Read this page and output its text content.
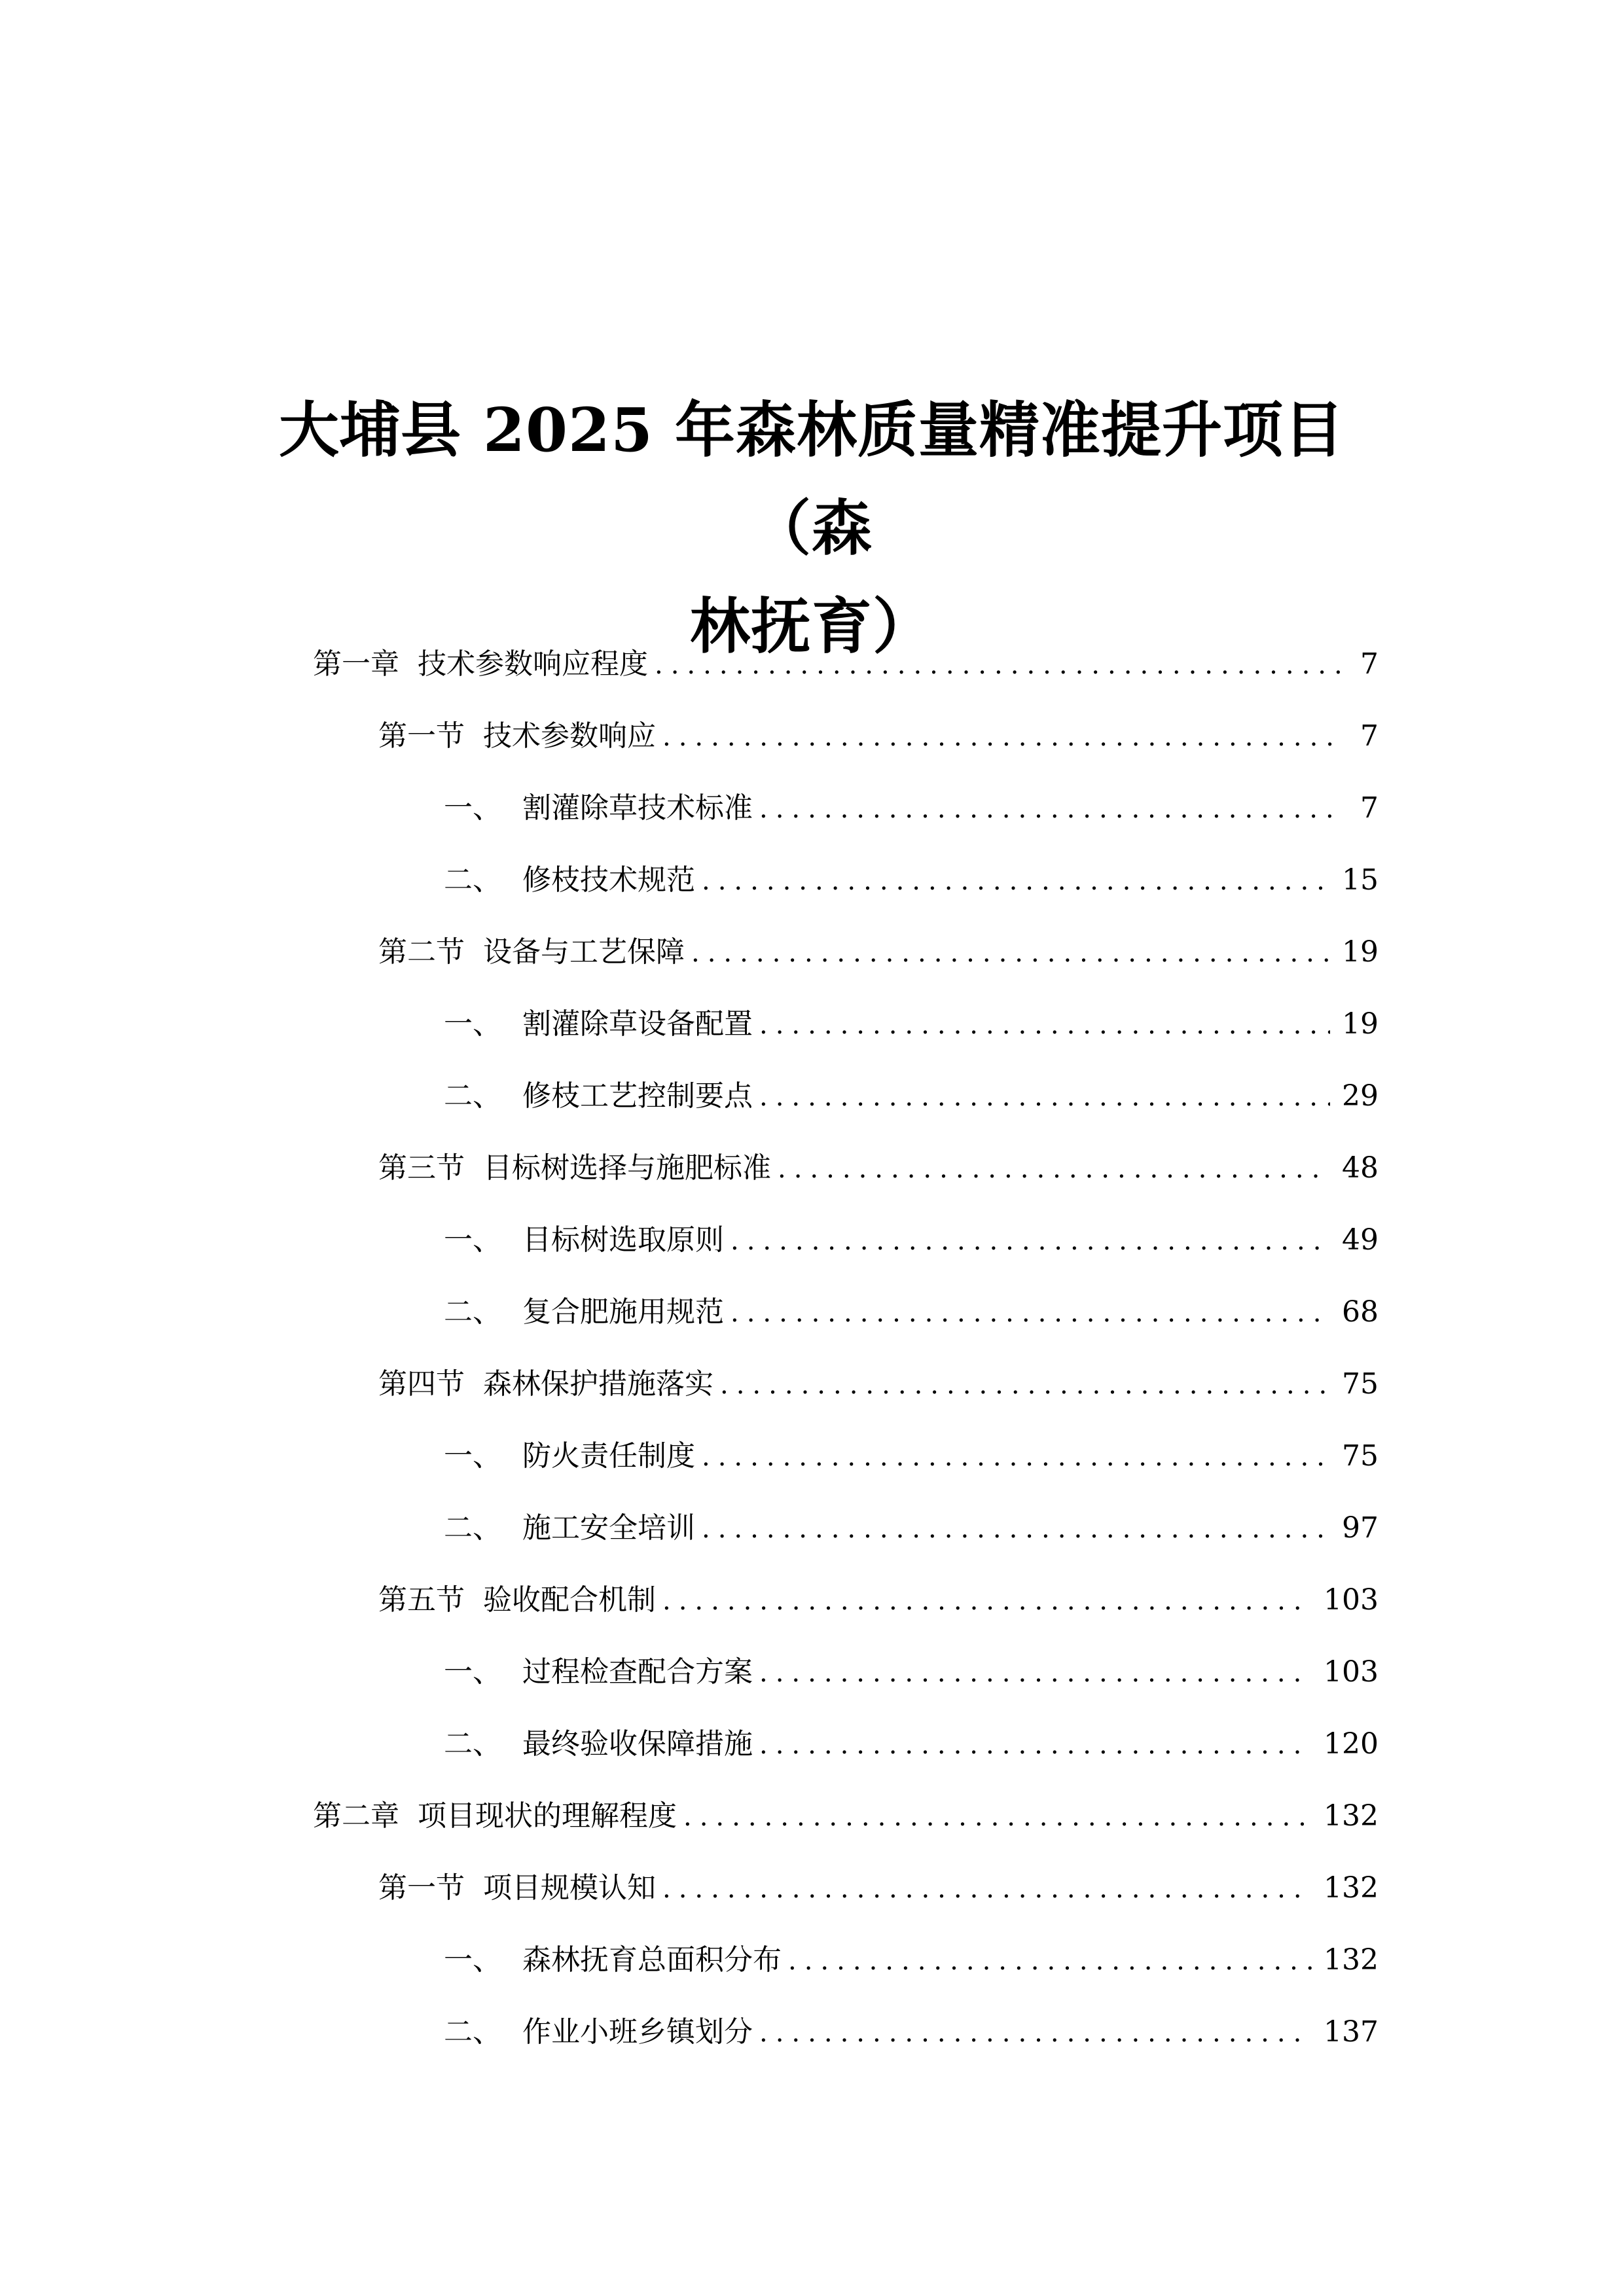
大埔县 2025 年森林质量精准提升项目（森
林抚育）
第一章 技术参数响应程度 .....	7
第一节 技术参数响应 .....	7
一、 割灌除草技术标准 .....	7
二、 修枝技术规范 .....	15
第二节 设备与工艺保障 .....	19
一、 割灌除草设备配置 .....	19
二、 修枝工艺控制要点 .....	29
第三节 目标树选择与施肥标准 .....	48
一、 目标树选取原则 .....	49
二、 复合肥施用规范 .....	68
第四节 森林保护措施落实 .....	75
一、 防火责任制度 .....	75
二、 施工安全培训 .....	97
第五节 验收配合机制 .....	103
一、 过程检查配合方案 .....	103
二、 最终验收保障措施 .....	120
第二章 项目现状的理解程度 .....	132
第一节 项目规模认知 .....	132
一、 森林抚育总面积分布 .....	132
二、 作业小班乡镇划分 .....	137
